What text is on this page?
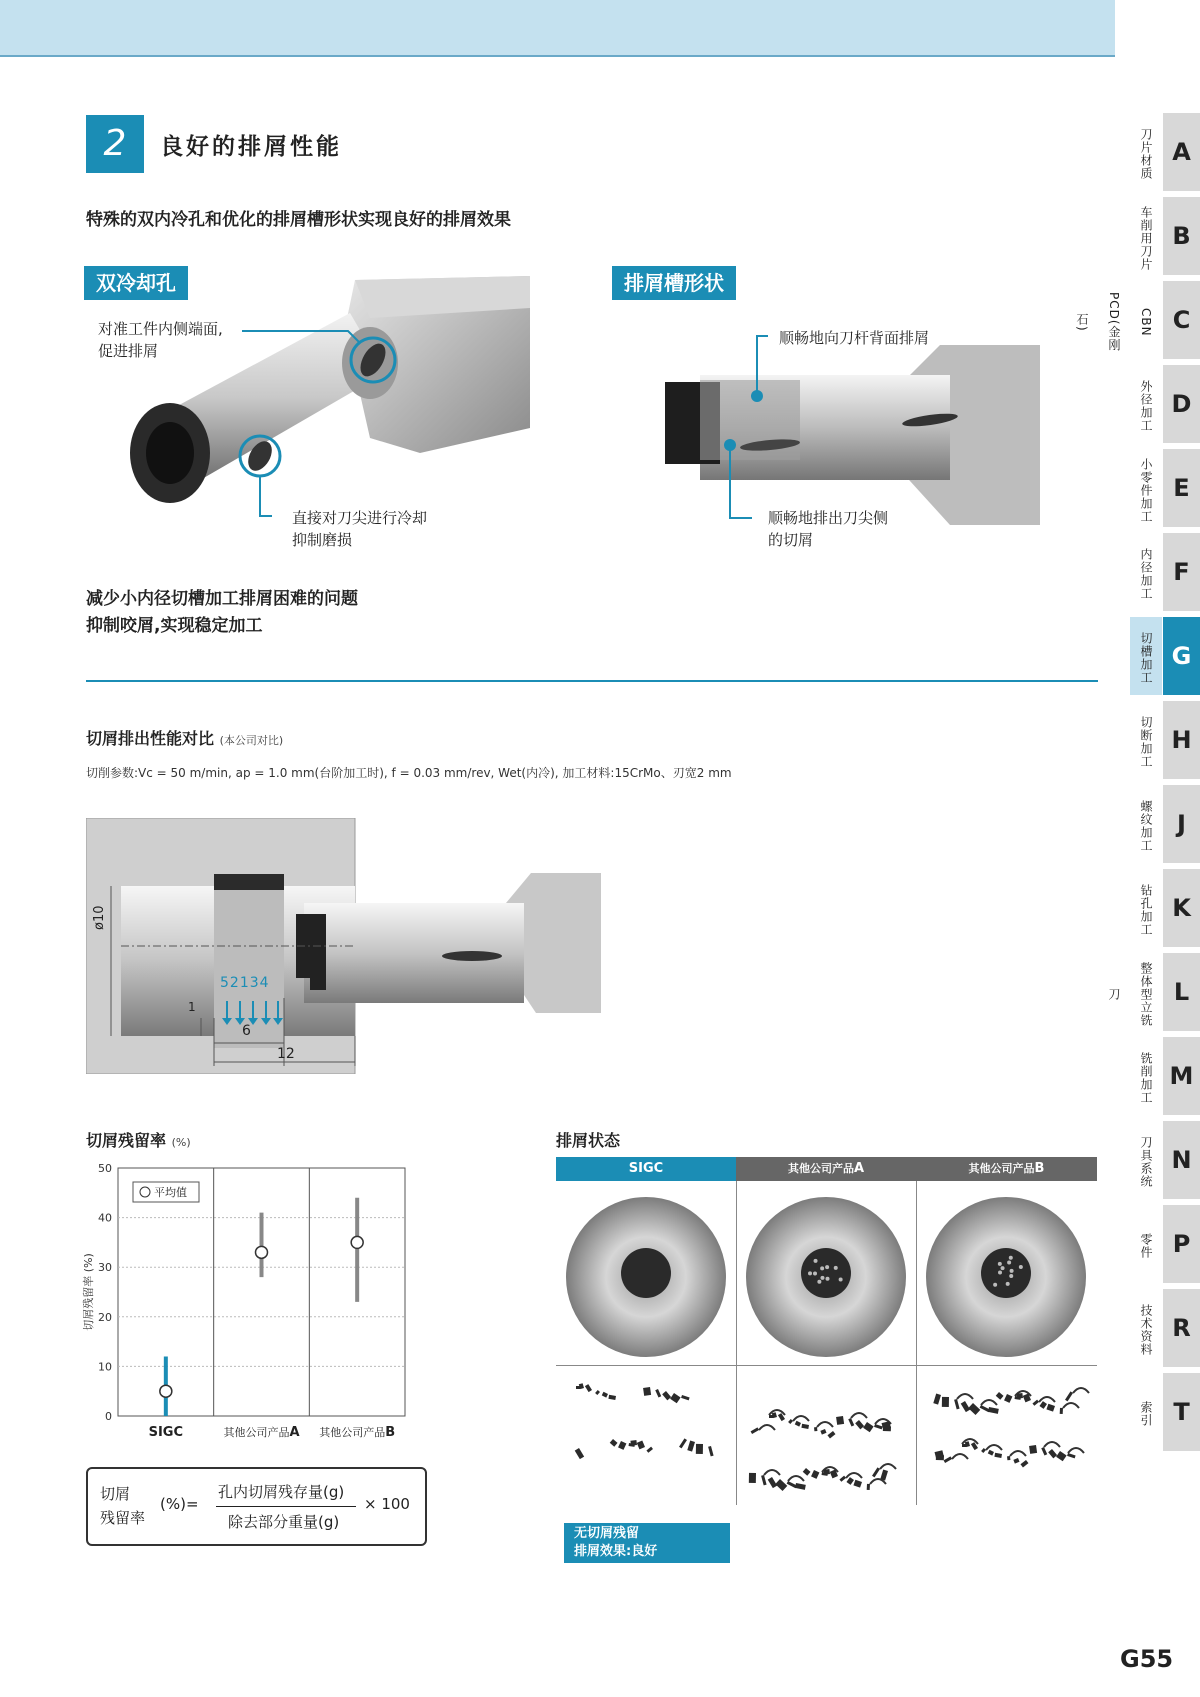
2	良好的排屑性能
特殊的双内冷孔和优化的排屑槽形状实现良好的排屑效果
双冷却孔
对准工件内侧端面,
促进排屑
直接对刀尖进行冷却
抑制磨损
排屑槽形状
顺畅地向刀杆背面排屑
顺畅地排出刀尖侧
的切屑
减少小内径切槽加工排屑困难的问题
抑制咬屑,实现稳定加工
切屑排出性能对比 (本公司对比)
切削参数:Vc = 50 m/min, ap = 1.0 mm(台阶加工时), f = 0.03 mm/rev, Wet(内冷), 加工材料:15CrMo、刃宽2 mm
ø10
52134
1
6
12
切屑残留率 (%)
0
10
20
30
40
50
切屑残留率 (%)
平均值
SIGC	其他公司产品A 其他公司产品B
切屑
残留率
(%)=
孔内切屑残存量(g)
除去部分重量(g)
× 100
排屑状态
SIGC	其他公司产品A	其他公司产品B
无切屑残留
排屑效果:良好
刀片材质 A
车削用刀片 B
CBN PCD(金刚石)	C
外径加工 D
小零件加工 E
内径加工 F
切槽加工 G
切断加工 H
螺纹加工	J
钻孔加工 K
整体型立铣刀	L
铣削加工 M
刀具系统 N
零件 P
技术资料 R
索引 T
G55
